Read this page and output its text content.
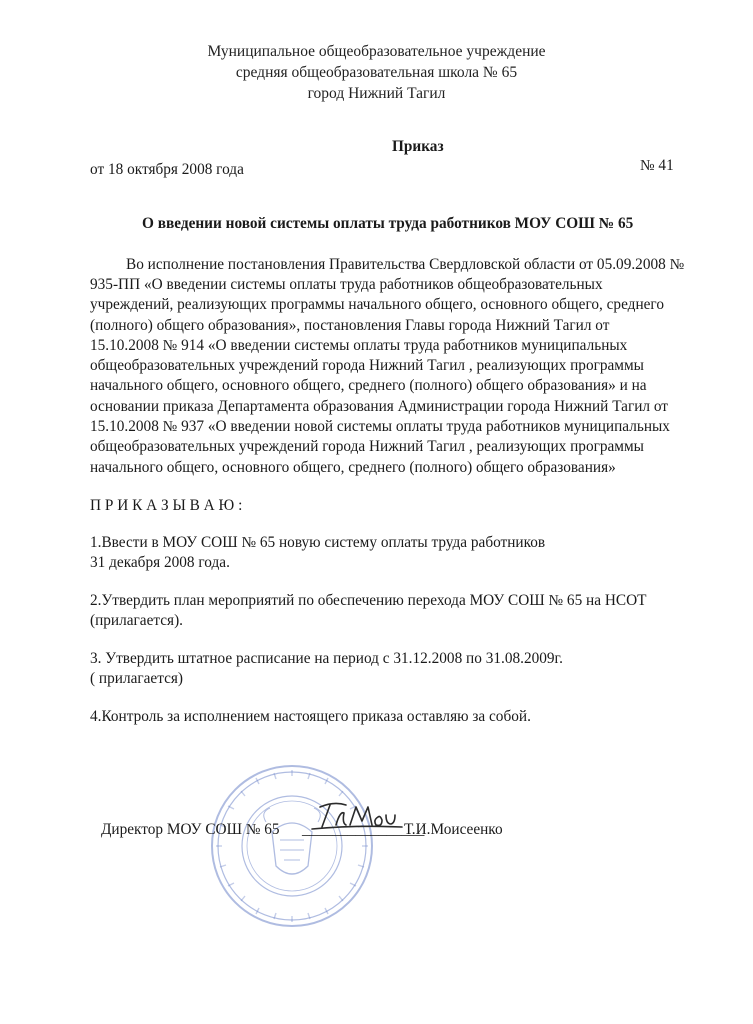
Муниципальное общеобразовательное учреждение
средняя общеобразовательная школа № 65
город Нижний Тагил
Приказ
от 18 октября 2008 года	№ 41
О введении новой системы оплаты труда работников МОУ СОШ № 65
Во исполнение постановления Правительства Свердловской области от 05.09.2008 №
935-ПП «О введении системы оплаты труда работников общеобразовательных
учреждений, реализующих программы начального общего, основного общего, среднего
(полного) общего образования», постановления Главы города Нижний Тагил от
15.10.2008 № 914 «О введении системы оплаты труда работников муниципальных
общеобразовательных учреждений города Нижний Тагил , реализующих программы
начального общего, основного общего, среднего (полного) общего образования» и на
основании приказа Департамента образования Администрации города Нижний Тагил от
15.10.2008 № 937 «О введении новой системы оплаты труда работников муниципальных
общеобразовательных учреждений города Нижний Тагил , реализующих программы
начального общего, основного общего, среднего (полного) общего образования»
П Р И К А З Ы В А Ю :
1.Ввести в МОУ СОШ № 65 новую систему оплаты труда работников
31 декабря 2008 года.
2.Утвердить план мероприятий по обеспечению перехода МОУ СОШ № 65 на НСОТ
(прилагается).
3. Утвердить штатное расписание на период с 31.12.2008 по 31.08.2009г.
( прилагается)
4.Контроль за исполнением настоящего приказа оставляю за собой.
Директор МОУ СОШ № 65 ________________
Т.И.Моисеенко
